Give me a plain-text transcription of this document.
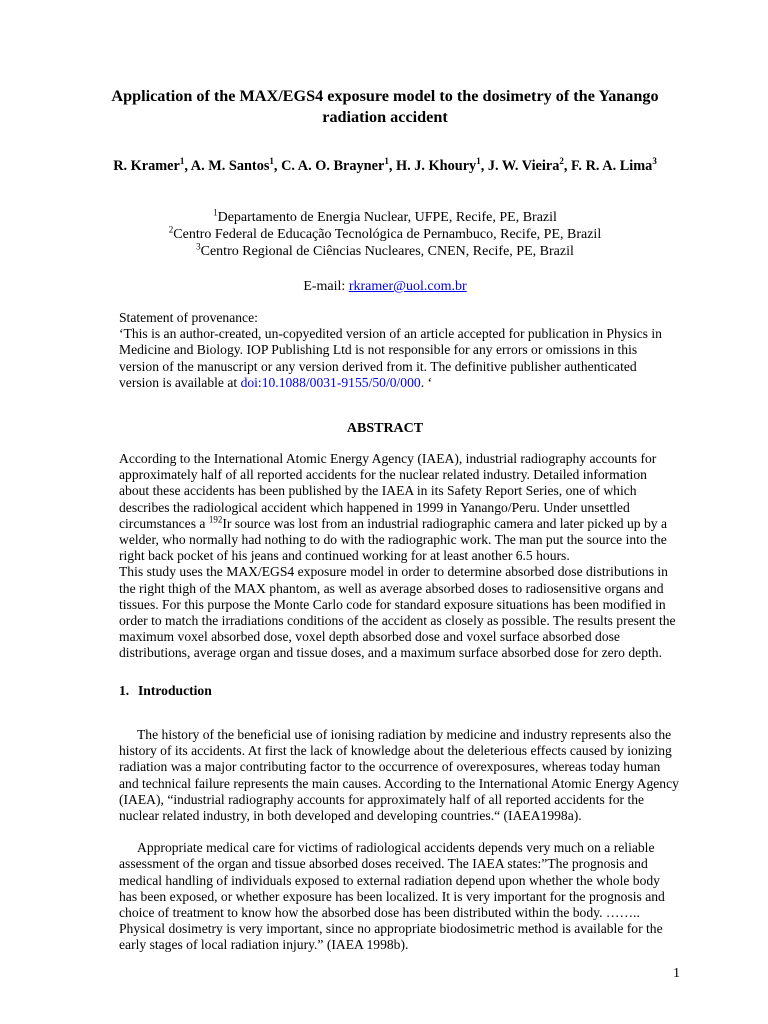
Application of the MAX/EGS4 exposure model to the dosimetry of the Yanango radiation accident
R. Kramer$^1$, A. M. Santos$^1$, C. A. O. Brayner$^1$, H. J. Khoury$^1$, J. W. Vieira$^2$, F. R. A. Lima$^3$
$^1$Departamento de Energia Nuclear, UFPE, Recife, PE, Brazil
$^2$Centro Federal de Educação Tecnológica de Pernambuco, Recife, PE, Brazil
$^3$Centro Regional de Ciências Nucleares, CNEN, Recife, PE, Brazil
E-mail: rkramer@uol.com.br
Statement of provenance:
‘This is an author-created, un-copyedited version of an article accepted for publication in Physics in Medicine and Biology. IOP Publishing Ltd is not responsible for any errors or omissions in this version of the manuscript or any version derived from it. The definitive publisher authenticated version is available at doi:10.1088/0031-9155/50/0/000. ‘
ABSTRACT

According to the International Atomic Energy Agency (IAEA), industrial radiography accounts for approximately half of all reported accidents for the nuclear related industry. Detailed information about these accidents has been published by the IAEA in its Safety Report Series, one of which describes the radiological accident which happened in 1999 in Yanango/Peru. Under unsettled circumstances a $^{192}$Ir source was lost from an industrial radiographic camera and later picked up by a welder, who normally had nothing to do with the radiographic work. The man put the source into the right back pocket of his jeans and continued working for at least another 6.5 hours.

This study uses the MAX/EGS4 exposure model in order to determine absorbed dose distributions in the right thigh of the MAX phantom, as well as average absorbed doses to radiosensitive organs and tissues. For this purpose the Monte Carlo code for standard exposure situations has been modified in order to match the irradiations conditions of the accident as closely as possible. The results present the maximum voxel absorbed dose, voxel depth absorbed dose and voxel surface absorbed dose distributions, average organ and tissue doses, and a maximum surface absorbed dose for zero depth.

1. Introduction

The history of the beneficial use of ionising radiation by medicine and industry represents also the history of its accidents. At first the lack of knowledge about the deleterious effects caused by ionizing radiation was a major contributing factor to the occurrence of overexposures, whereas today human and technical failure represents the main causes. According to the International Atomic Energy Agency (IAEA), “industrial radiography accounts for approximately half of all reported accidents for the nuclear related industry, in both developed and developing countries.“ (IAEA1998a).

Appropriate medical care for victims of radiological accidents depends very much on a reliable assessment of the organ and tissue absorbed doses received. The IAEA states:”The prognosis and medical handling of individuals exposed to external radiation depend upon whether the whole body has been exposed, or whether exposure has been localized. It is very important for the prognosis and choice of treatment to know how the absorbed dose has been distributed within the body. …….. Physical dosimetry is very important, since no appropriate biodosimetric method is available for the early stages of local radiation injury.” (IAEA 1998b).

1
